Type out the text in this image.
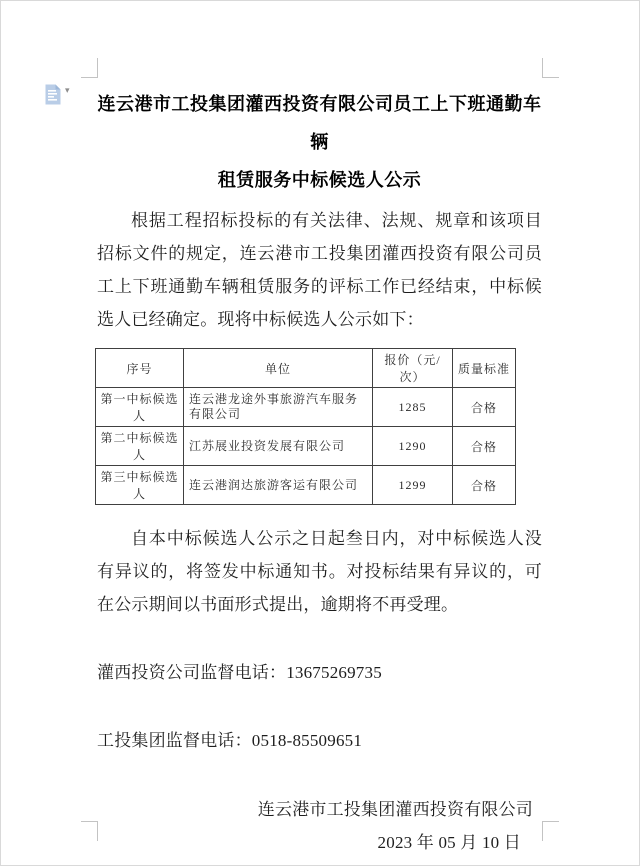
▾
连云港市工投集团灌西投资有限公司员工上下班通勤车辆
租赁服务中标候选人公示

根据工程招标投标的有关法律、法规、规章和该项目招标文件的规定，连云港市工投集团灌西投资有限公司员工上下班通勤车辆租赁服务的评标工作已经结束，中标候选人已经确定。现将中标候选人公示如下：

序号	单位	报价（元/次）	质量标准
第一中标候选人	连云港龙途外事旅游汽车服务有限公司	1285	合格
第二中标候选人	江苏展业投资发展有限公司	1290	合格
第三中标候选人	连云港润达旅游客运有限公司	1299	合格

自本中标候选人公示之日起叁日内，对中标候选人没有异议的，将签发中标通知书。对投标结果有异议的，可在公示期间以书面形式提出，逾期将不再受理。

灌西投资公司监督电话：13675269735
工投集团监督电话：0518-85509651
连云港市工投集团灌西投资有限公司
2023 年 05 月 10 日
